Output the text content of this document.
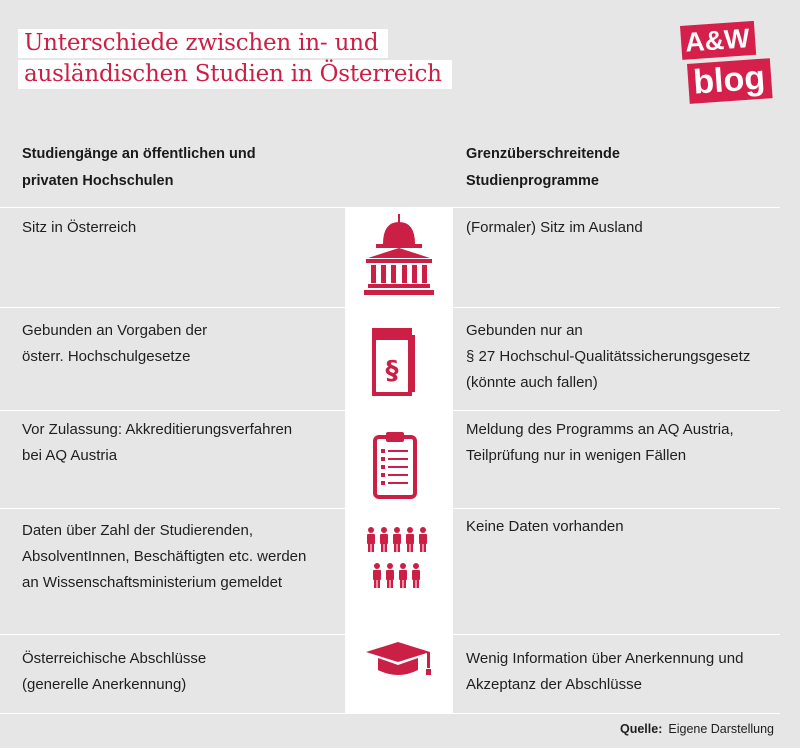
Unterschiede zwischen in- und
ausländischen Studien in Österreich
A&W
blog
Studiengänge an öffentlichen und
privaten Hochschulen
Grenzüberschreitende
Studienprogramme
Sitz in Österreich	(Formaler) Sitz im Ausland
Gebunden an Vorgaben der
österr. Hochschulgesetze
Gebunden nur an
§ 27 Hochschul-Qualitätssicherungsgesetz
(könnte auch fallen)
§
Vor Zulassung: Akkreditierungsverfahren
bei AQ Austria
Meldung des Programms an AQ Austria,
Teilprüfung nur in wenigen Fällen
Daten über Zahl der Studierenden,
AbsolventInnen, Beschäftigten etc. werden
an Wissenschaftsministerium gemeldet
Keine Daten vorhanden
Österreichische Abschlüsse
(generelle Anerkennung)
Wenig Information über Anerkennung und
Akzeptanz der Abschlüsse
Quelle: Eigene Darstellung
